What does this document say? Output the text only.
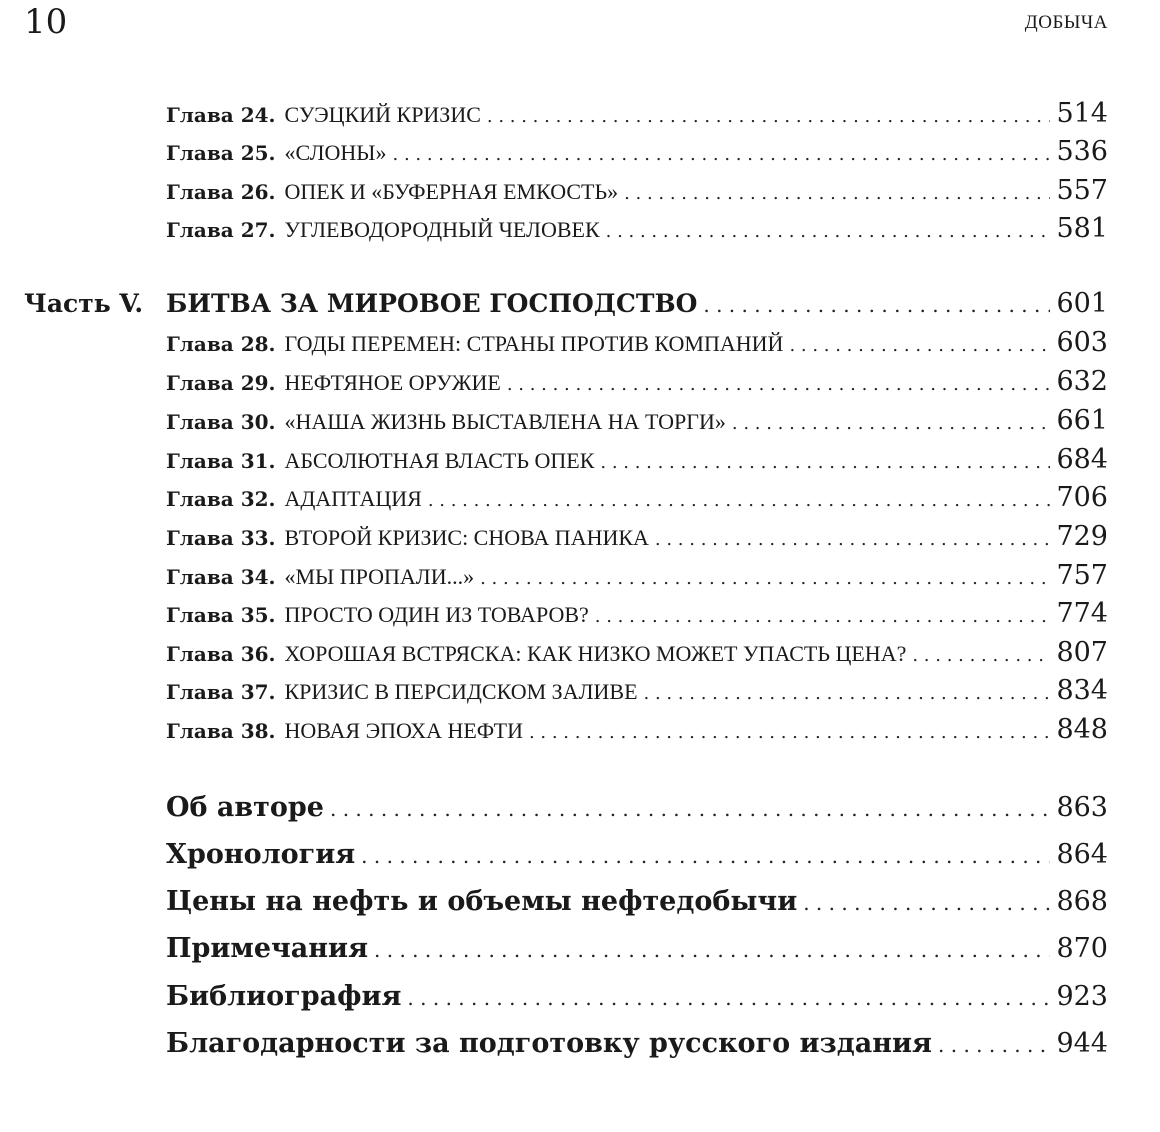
10	ДОБЫЧА
Глава 24. СУЭЦКИЙ КРИЗИС . . .	514
Глава 25. «СЛОНЫ» . . .	536
Глава 26. ОПЕК И «БУФЕРНАЯ ЕМКОСТЬ» . . .	557
Глава 27. УГЛЕВОДОРОДНЫЙ ЧЕЛОВЕК . . .	581
Часть V. БИТВА ЗА МИРОВОЕ ГОСПОДСТВО . . .	601
Глава 28. ГОДЫ ПЕРЕМЕН: СТРАНЫ ПРОТИВ КОМПАНИЙ . . .	603
Глава 29. НЕФТЯНОЕ ОРУЖИЕ . . .	632
Глава 30. «НАША ЖИЗНЬ ВЫСТАВЛЕНА НА ТОРГИ» . . .	661
Глава 31. АБСОЛЮТНАЯ ВЛАСТЬ ОПЕК . . .	684
Глава 32. АДАПТАЦИЯ . . .	706
Глава 33. ВТОРОЙ КРИЗИС: СНОВА ПАНИКА . . .	729
Глава 34. «МЫ ПРОПАЛИ...» . . .	757
Глава 35. ПРОСТО ОДИН ИЗ ТОВАРОВ? . . .	774
Глава 36. ХОРОШАЯ ВСТРЯСКА: КАК НИЗКО МОЖЕТ УПАСТЬ ЦЕНА? . . .	807
Глава 37. КРИЗИС В ПЕРСИДСКОМ ЗАЛИВЕ . . .	834
Глава 38. НОВАЯ ЭПОХА НЕФТИ . . .	848
Об авторе . . .	863
Хронология . . .	864
Цены на нефть и объемы нефтедобычи . . .	868
Примечания . . .	870
Библиография . . .	923
Благодарности за подготовку русского издания . . .	944
